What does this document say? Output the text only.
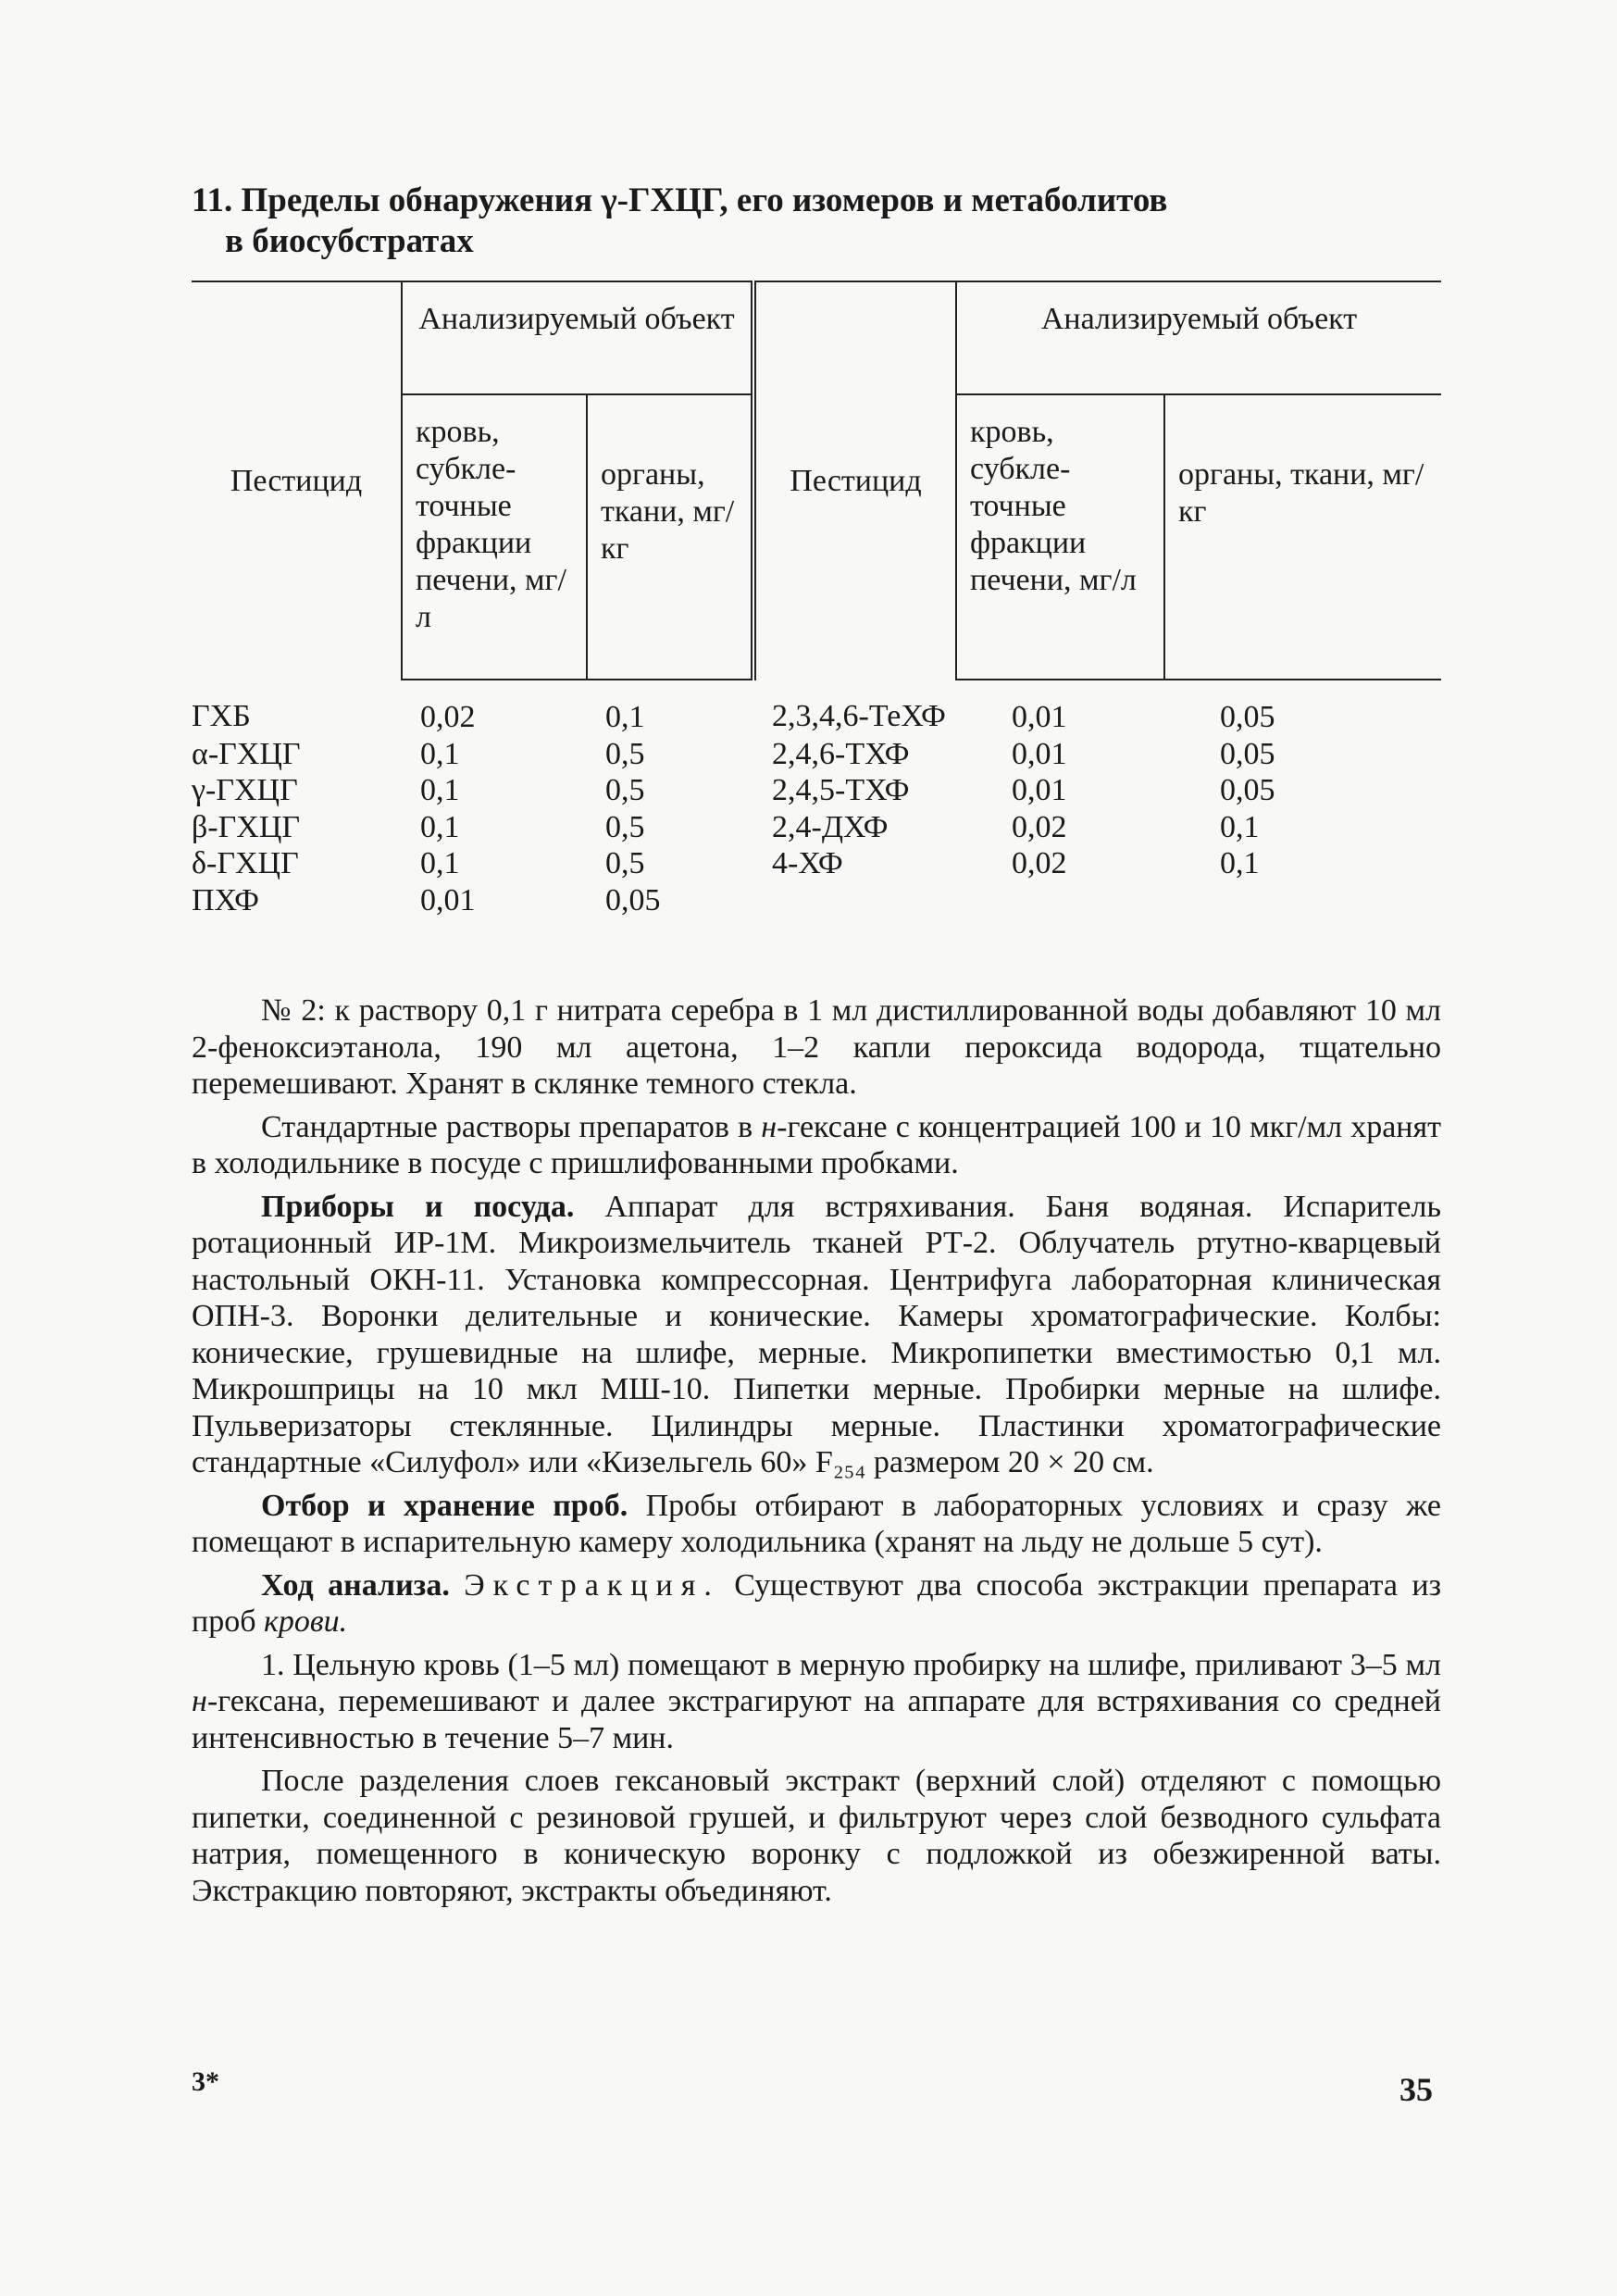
11. Пределы обнаружения γ-ГХЦГ, его изомеров и метаболитов
в биосубстратах
Пестицид	Анализируемый объект		Пестицид	Анализируемый объект	
	кровь, субкле-точные фракции печени, мг/л	органы, ткани, мг/кг		кровь, субкле-точные фракции печени, мг/л	органы, ткани, мг/кг
ГХБ	0,02	0,1	2,3,4,6-ТеХФ	0,01	0,05
α-ГХЦГ	0,1	0,5	2,4,6-ТХФ	0,01	0,05
γ-ГХЦГ	0,1	0,5	2,4,5-ТХФ	0,01	0,05
β-ГХЦГ	0,1	0,5	2,4-ДХФ	0,02	0,1
δ-ГХЦГ	0,1	0,5	4-ХФ	0,02	0,1
ПХФ	0,01	0,05			

№ 2: к раствору 0,1 г нитрата серебра в 1 мл дистиллированной воды добавляют 10 мл 2-феноксиэтанола, 190 мл ацетона, 1–2 капли пероксида водорода, тщательно перемешивают. Хранят в склянке темного стекла.

Стандартные растворы препаратов в н-гексане с концентрацией 100 и 10 мкг/мл хранят в холодильнике в посуде с пришлифованными пробками.

Приборы и посуда. Аппарат для встряхивания. Баня водяная. Испаритель ротационный ИР-1М. Микроизмельчитель тканей РТ-2. Облучатель ртутно-кварцевый настольный ОКН-11. Установка компрессорная. Центрифуга лабораторная клиническая ОПН-3. Воронки делительные и конические. Камеры хроматографические. Колбы: конические, грушевидные на шлифе, мерные. Микропипетки вместимостью 0,1 мл. Микрошприцы на 10 мкл МШ-10. Пипетки мерные. Пробирки мерные на шлифе. Пульверизаторы стеклянные. Цилиндры мерные. Пластинки хроматографические стандартные «Силуфол» или «Кизельгель 60» F₂₅₄ размером 20 × 20 см.

Отбор и хранение проб. Пробы отбирают в лабораторных условиях и сразу же помещают в испарительную камеру холодильника (хранят на льду не дольше 5 сут).

Ход анализа. Экстракция. Существуют два способа экстракции препарата из проб крови.

1. Цельную кровь (1–5 мл) помещают в мерную пробирку на шлифе, приливают 3–5 мл н-гексана, перемешивают и далее экстрагируют на аппарате для встряхивания со средней интенсивностью в течение 5–7 мин.

После разделения слоев гексановый экстракт (верхний слой) отделяют с помощью пипетки, соединенной с резиновой грушей, и фильтруют через слой безводного сульфата натрия, помещенного в коническую воронку с подложкой из обезжиренной ваты. Экстракцию повторяют, экстракты объединяют.

3*	35
